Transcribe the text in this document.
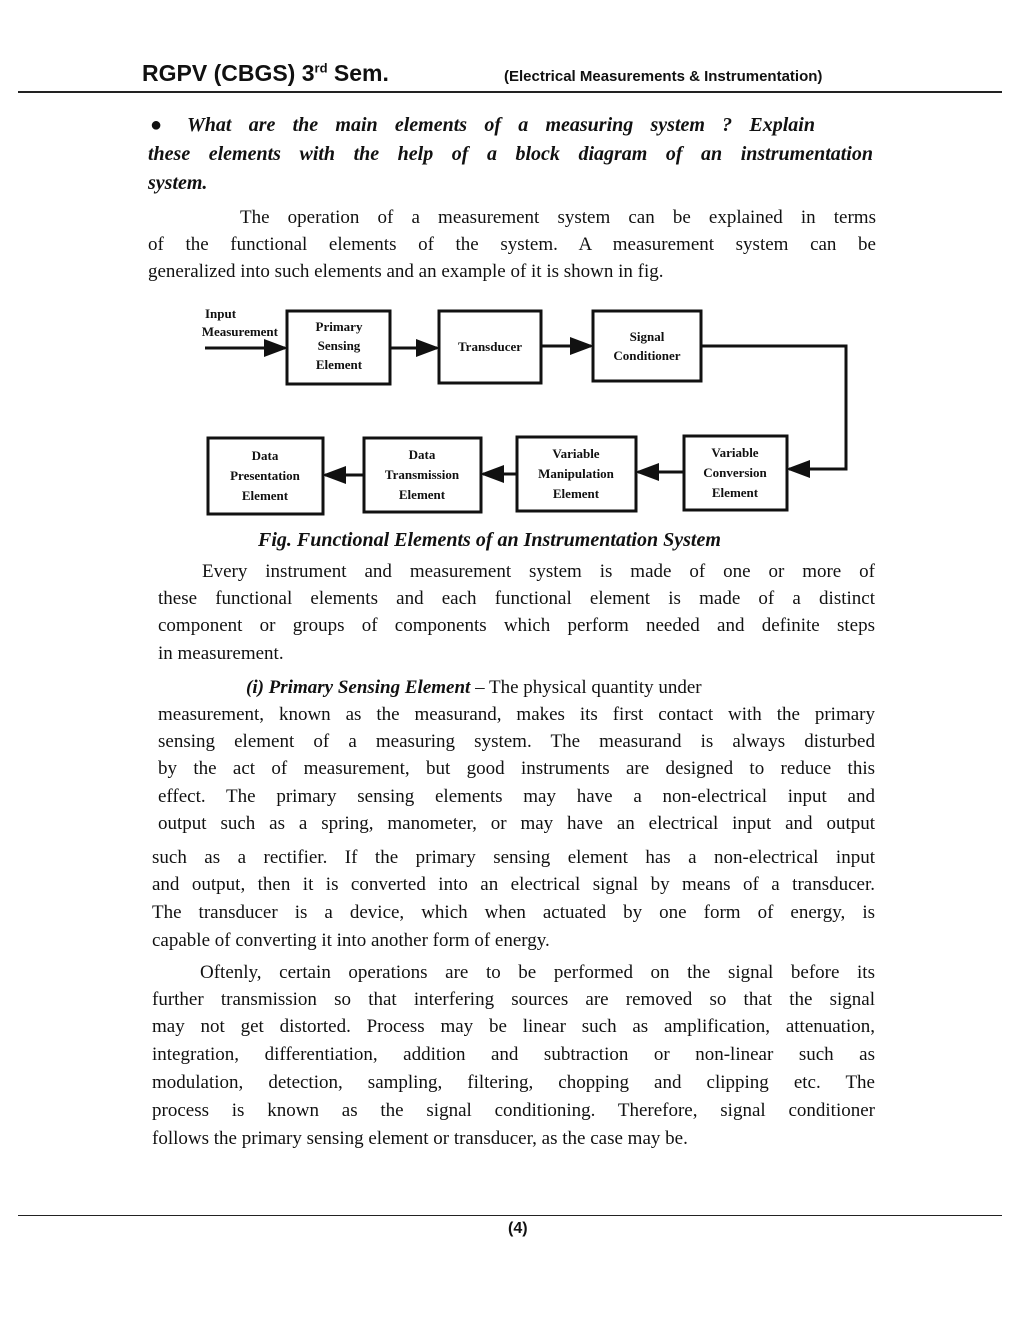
RGPV (CBGS) 3rd Sem.	(Electrical Measurements & Instrumentation)
● What are the main elements of a measuring system ? Explain
these elements with the help of a block diagram of an instrumentation
system.
The operation of a measurement system can be explained in terms
of the functional elements of the system. A measurement system can be
generalized into such elements and an example of it is shown in fig.
Input
Measurement	Primary
Sensing
Element
Transducer
Signal
Conditioner
Variable
Conversion
Element
Variable
Manipulation
Element
Data
Transmission
Element
Data
Presentation
Element
Fig. Functional Elements of an Instrumentation System
Every instrument and measurement system is made of one or more of
these functional elements and each functional element is made of a distinct
component or groups of components which perform needed and definite steps
in measurement.
(i) Primary Sensing Element – The physical quantity under
measurement, known as the measurand, makes its first contact with the primary
sensing element of a measuring system. The measurand is always disturbed
by the act of measurement, but good instruments are designed to reduce this
effect. The primary sensing elements may have a non-electrical input and
output such as a spring, manometer, or may have an electrical input and output
such as a rectifier. If the primary sensing element has a non-electrical input
and output, then it is converted into an electrical signal by means of a transducer.
The transducer is a device, which when actuated by one form of energy, is
capable of converting it into another form of energy.
Oftenly, certain operations are to be performed on the signal before its
further transmission so that interfering sources are removed so that the signal
may not get distorted. Process may be linear such as amplification, attenuation,
integration, differentiation, addition and subtraction or non-linear such as
modulation, detection, sampling, filtering, chopping and clipping etc. The
process is known as the signal conditioning. Therefore, signal conditioner
follows the primary sensing element or transducer, as the case may be.
(4)
